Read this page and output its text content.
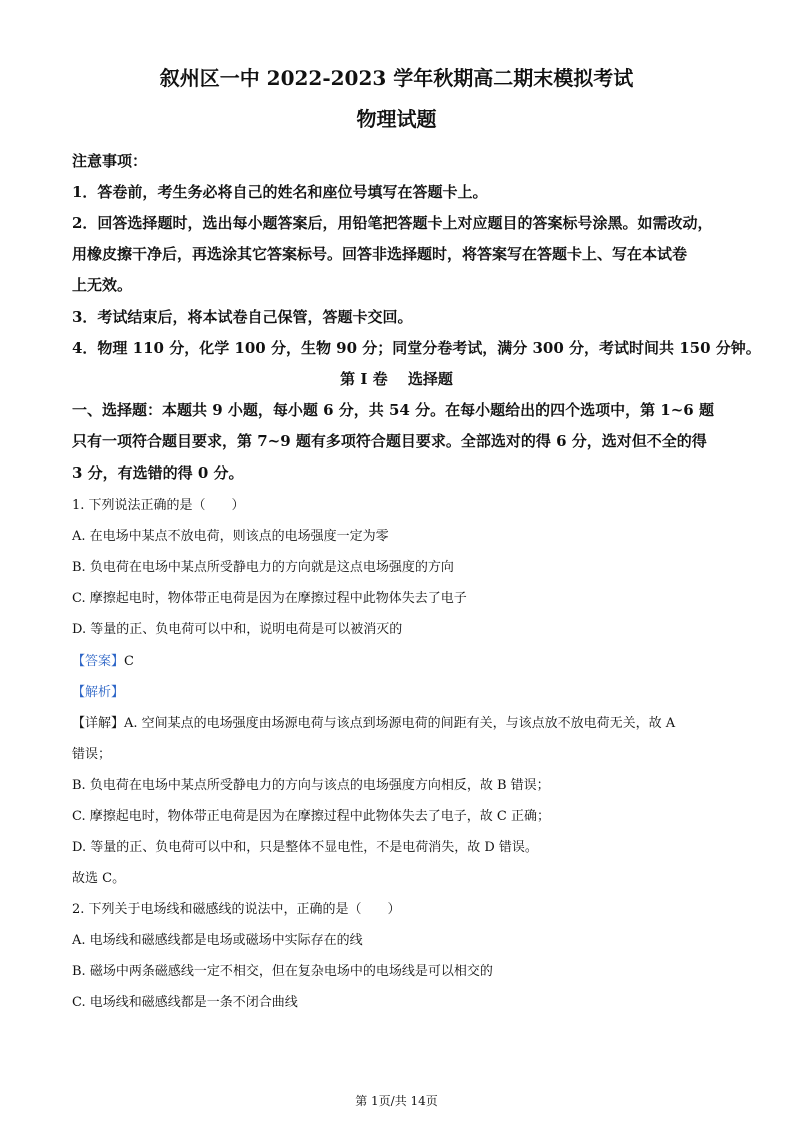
叙州区一中 2022-2023 学年秋期高二期末模拟考试
物理试题
注意事项：
1．答卷前，考生务必将自己的姓名和座位号填写在答题卡上。
2．回答选择题时，选出每小题答案后，用铅笔把答题卡上对应题目的答案标号涂黑。如需改动，
用橡皮擦干净后，再选涂其它答案标号。回答非选择题时，将答案写在答题卡上、写在本试卷
上无效。
3．考试结束后，将本试卷自己保管，答题卡交回。
4．物理 110 分，化学 100 分，生物 90 分；同堂分卷考试，满分 300 分，考试时间共 150 分钟。
第 I 卷　 选择题
一、选择题：本题共 9 小题，每小题 6 分，共 54 分。在每小题给出的四个选项中，第 1~6 题
只有一项符合题目要求，第 7~9 题有多项符合题目要求。全部选对的得 6 分，选对但不全的得
3 分，有选错的得 0 分。
1. 下列说法正确的是（　　）
A. 在电场中某点不放电荷，则该点的电场强度一定为零
B. 负电荷在电场中某点所受静电力的方向就是这点电场强度的方向
C. 摩擦起电时，物体带正电荷是因为在摩擦过程中此物体失去了电子
D. 等量的正、负电荷可以中和，说明电荷是可以被消灭的
【答案】C
【解析】
【详解】A. 空间某点的电场强度由场源电荷与该点到场源电荷的间距有关，与该点放不放电荷无关，故 A
错误；
B. 负电荷在电场中某点所受静电力的方向与该点的电场强度方向相反，故 B 错误；
C. 摩擦起电时，物体带正电荷是因为在摩擦过程中此物体失去了电子，故 C 正确；
D. 等量的正、负电荷可以中和，只是整体不显电性，不是电荷消失，故 D 错误。
故选 C。
2. 下列关于电场线和磁感线的说法中，正确的是（　　）
A. 电场线和磁感线都是电场或磁场中实际存在的线
B. 磁场中两条磁感线一定不相交，但在复杂电场中的电场线是可以相交的
C. 电场线和磁感线都是一条不闭合曲线
第 1页/共 14页
